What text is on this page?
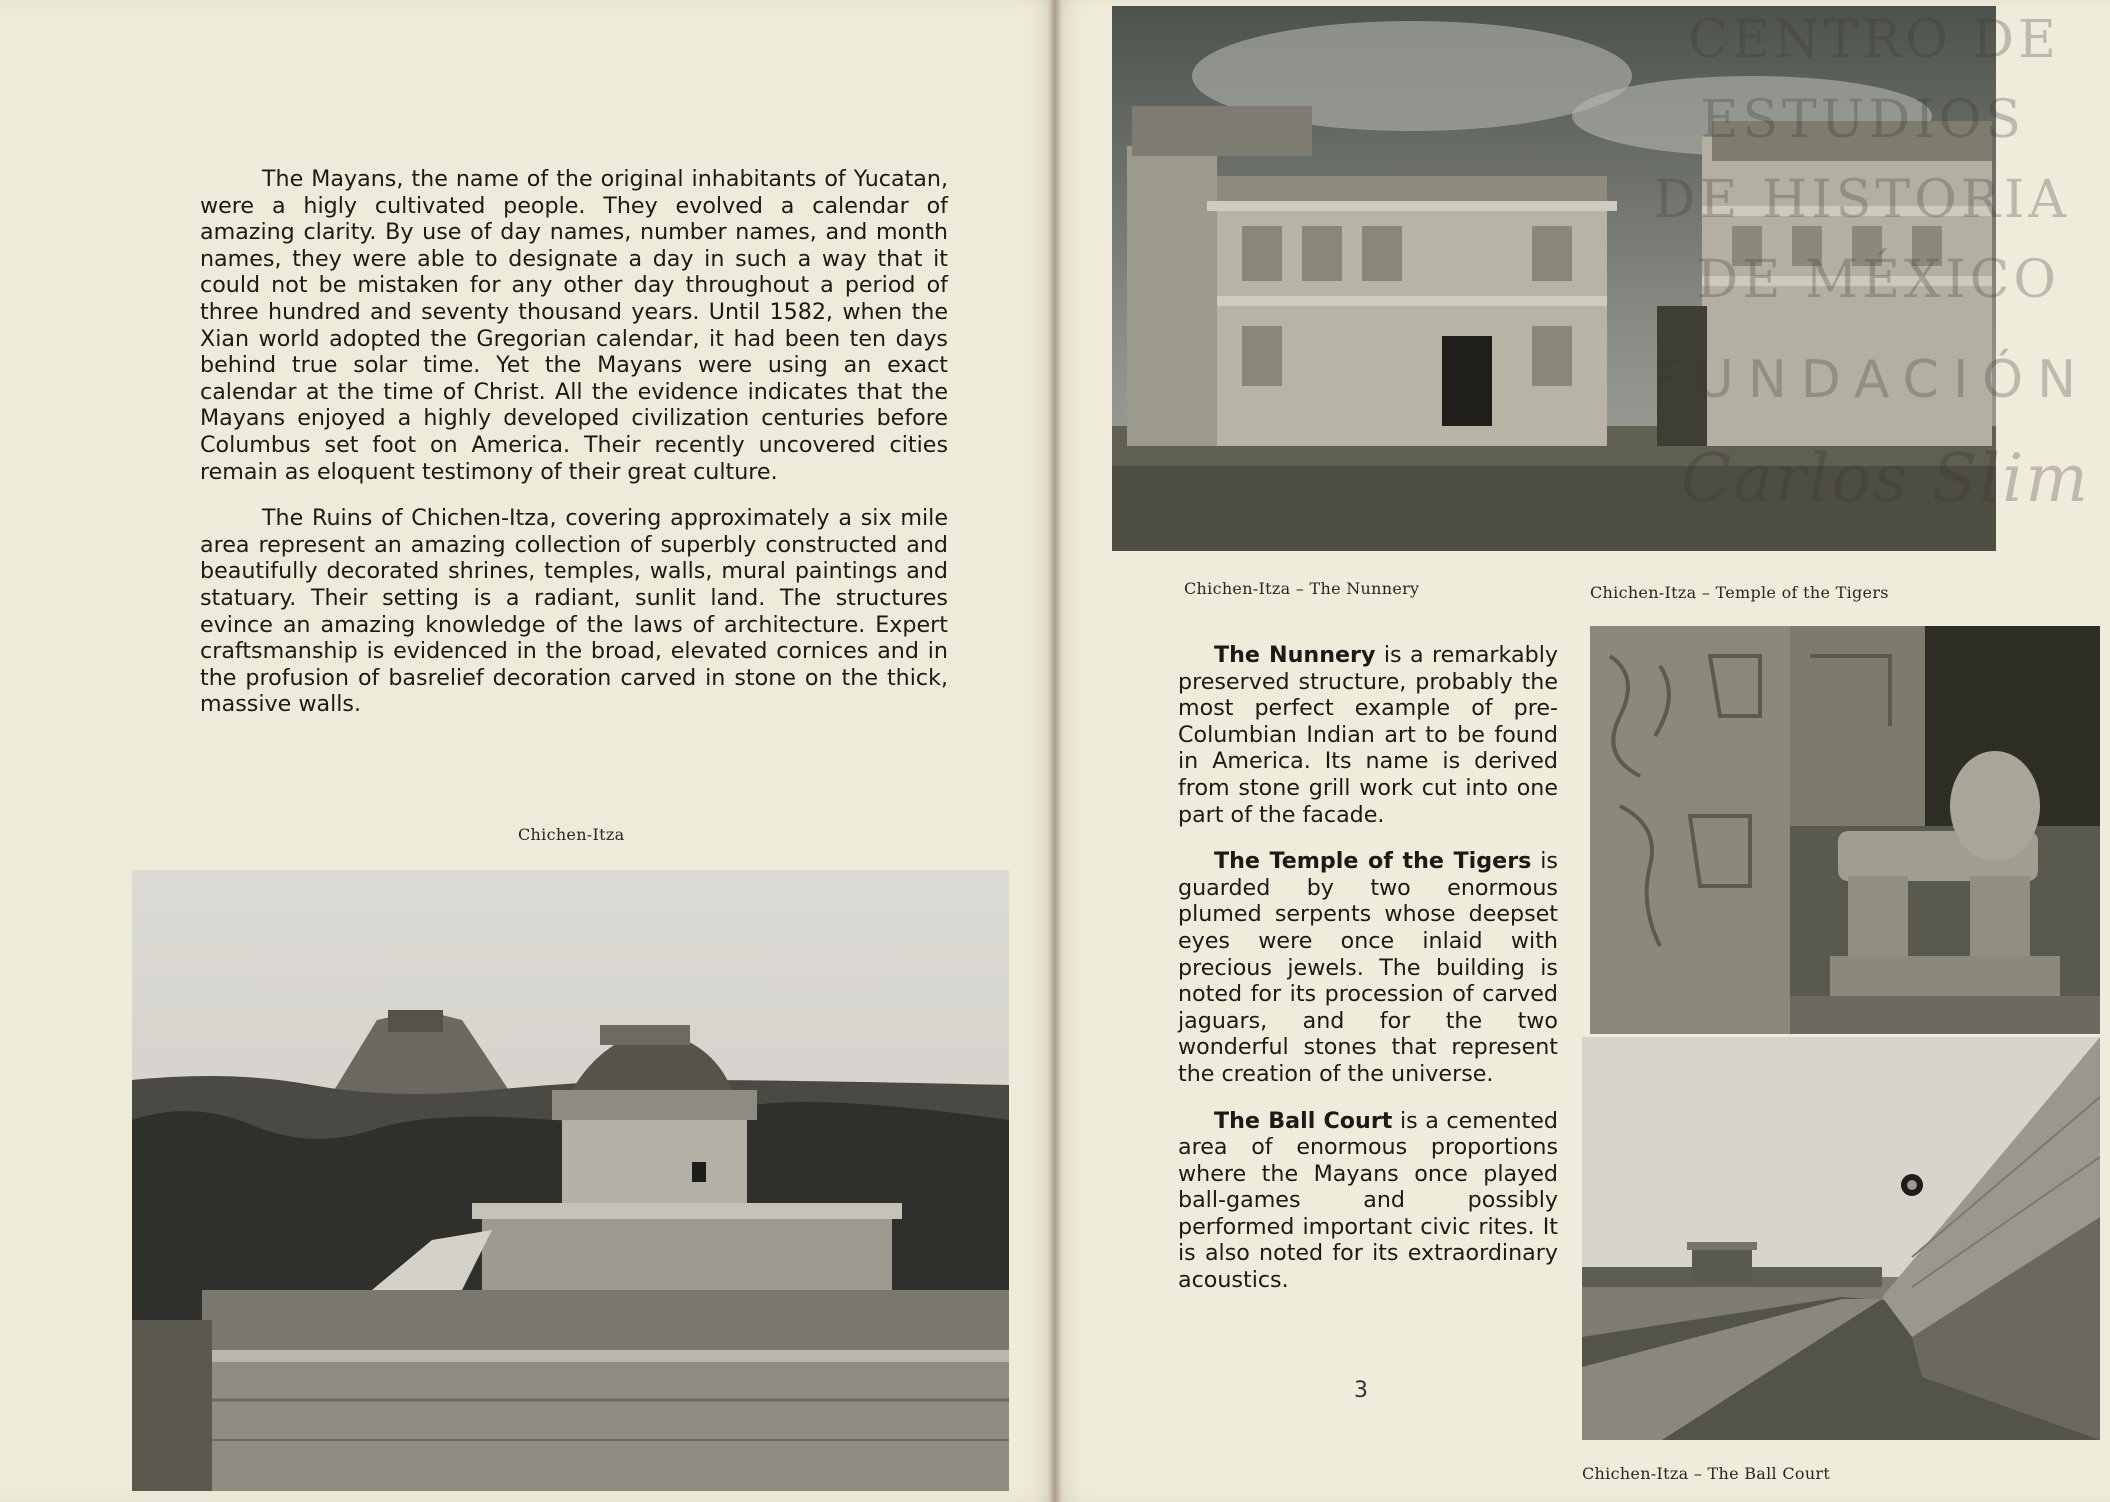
The Mayans, the name of the original inhabitants of Yucatan, were a higly cultivated people. They evolved a calendar of amazing clarity. By use of day names, number names, and month names, they were able to designate a day in such a way that it could not be mistaken for any other day throughout a period of three hundred and seventy thousand years. Until 1582, when the Xian world adopted the Gregorian calendar, it had been ten days behind true solar time. Yet the Mayans were using an exact calendar at the time of Christ. All the evidence indicates that the Mayans enjoyed a highly developed civilization centuries before Columbus set foot on America. Their recently uncovered cities remain as eloquent testimony of their great culture.

The Ruins of Chichen-Itza, covering approximately a six mile area represent an amazing collection of superbly constructed and beautifully decorated shrines, temples, walls, mural paintings and statuary. Their setting is a radiant, sunlit land. The structures evince an amazing knowledge of the laws of architecture. Expert craftsmanship is evidenced in the broad, elevated cornices and in the profusion of basrelief decoration carved in stone on the thick, massive walls.

Chichen-Itza
CENTRO DE
ESTUDIOS
DE HISTORIA
DE MÉXICO
FUNDACIÓN
Carlos Slim
Chichen-Itza – The Nunnery	Chichen-Itza – Temple of the Tigers
Chichen-Itza – The Ball Court

The Nunnery is a remarkably preserved structure, probably the most perfect example of pre-Columbian Indian art to be found in America. Its name is derived from stone grill work cut into one part of the facade.

The Temple of the Tigers is guarded by two enormous plumed serpents whose deepset eyes were once inlaid with precious jewels. The building is noted for its procession of carved jaguars, and for the two wonderful stones that represent the creation of the universe.

The Ball Court is a cemented area of enormous proportions where the Mayans once played ball-games and possibly performed important civic rites. It is also noted for its extraordinary acoustics.

3
